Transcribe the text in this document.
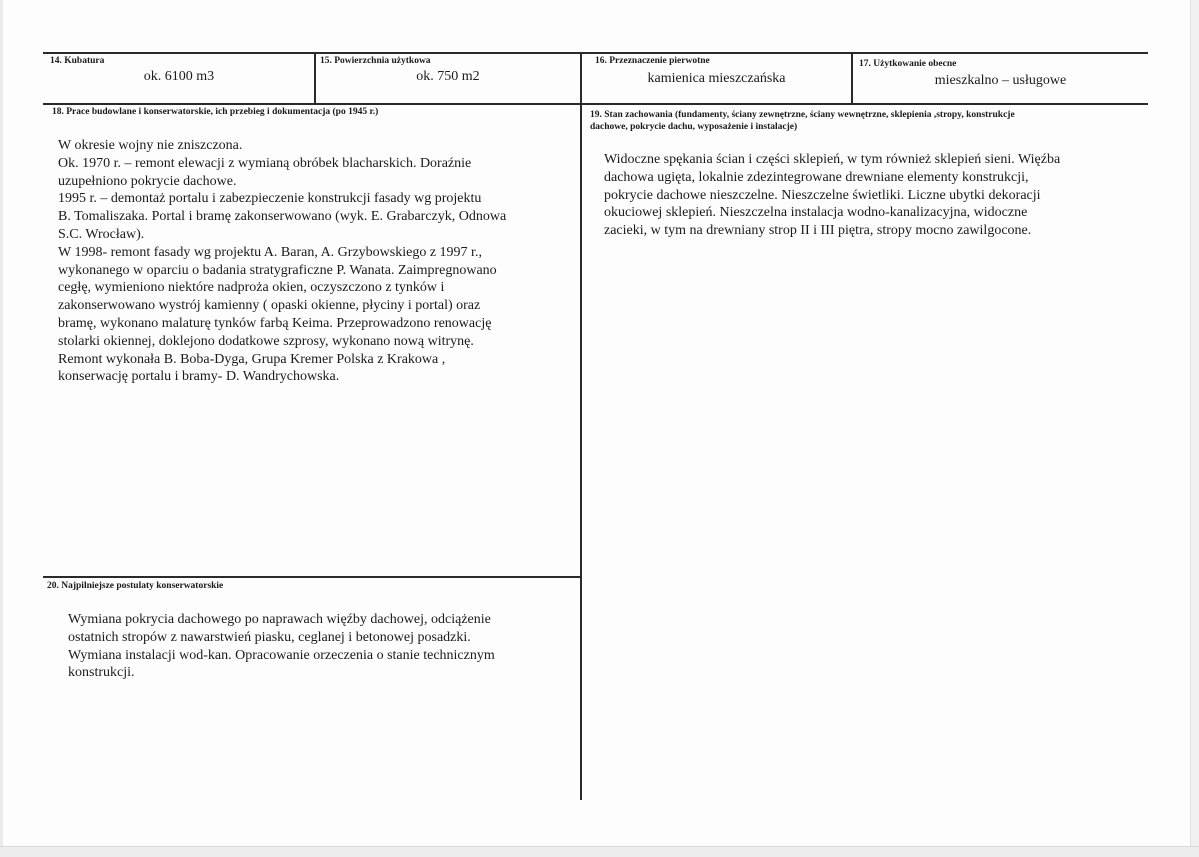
14. Kubatura
ok. 6100 m3
15. Powierzchnia użytkowa
ok. 750 m2
16. Przeznaczenie pierwotne
kamienica mieszczańska
17. Użytkowanie obecne
mieszkalno – usługowe
18. Prace budowlane i konserwatorskie, ich przebieg i dokumentacja (po 1945 r.)

W okresie wojny nie zniszczona.

Ok. 1970 r. – remont elewacji z wymianą obróbek blacharskich. Doraźnie

uzupełniono pokrycie dachowe.

1995 r. – demontaż portalu i zabezpieczenie konstrukcji fasady wg projektu

B. Tomaliszaka. Portal i bramę zakonserwowano (wyk. E. Grabarczyk, Odnowa

S.C. Wrocław).

W 1998- remont fasady wg projektu A. Baran, A. Grzybowskiego z 1997 r.,

wykonanego w oparciu o badania stratygraficzne P. Wanata. Zaimpregnowano

cegłę, wymieniono niektóre nadproża okien, oczyszczono z tynków i

zakonserwowano wystrój kamienny ( opaski okienne, płyciny i portal) oraz

bramę, wykonano malaturę tynków farbą Keima. Przeprowadzono renowację

stolarki okiennej, doklejono dodatkowe szprosy, wykonano nową witrynę.

Remont wykonała B. Boba-Dyga, Grupa Kremer Polska z Krakowa ,

konserwację portalu i bramy- D. Wandrychowska.

19. Stan zachowania (fundamenty, ściany zewnętrzne, ściany wewnętrzne, sklepienia ,stropy, konstrukcje
dachowe, pokrycie dachu, wyposażenie i instalacje)

Widoczne spękania ścian i części sklepień, w tym również sklepień sieni. Więźba

dachowa ugięta, lokalnie zdezintegrowane drewniane elementy konstrukcji,

pokrycie dachowe nieszczelne. Nieszczelne świetliki. Liczne ubytki dekoracji

okuciowej sklepień. Nieszczelna instalacja wodno-kanalizacyjna, widoczne

zacieki, w tym na drewniany strop II i III piętra, stropy mocno zawilgocone.

20. Najpilniejsze postulaty konserwatorskie

Wymiana pokrycia dachowego po naprawach więźby dachowej, odciążenie

ostatnich stropów z nawarstwień piasku, ceglanej i betonowej posadzki.

Wymiana instalacji wod-kan. Opracowanie orzeczenia o stanie technicznym

konstrukcji.
